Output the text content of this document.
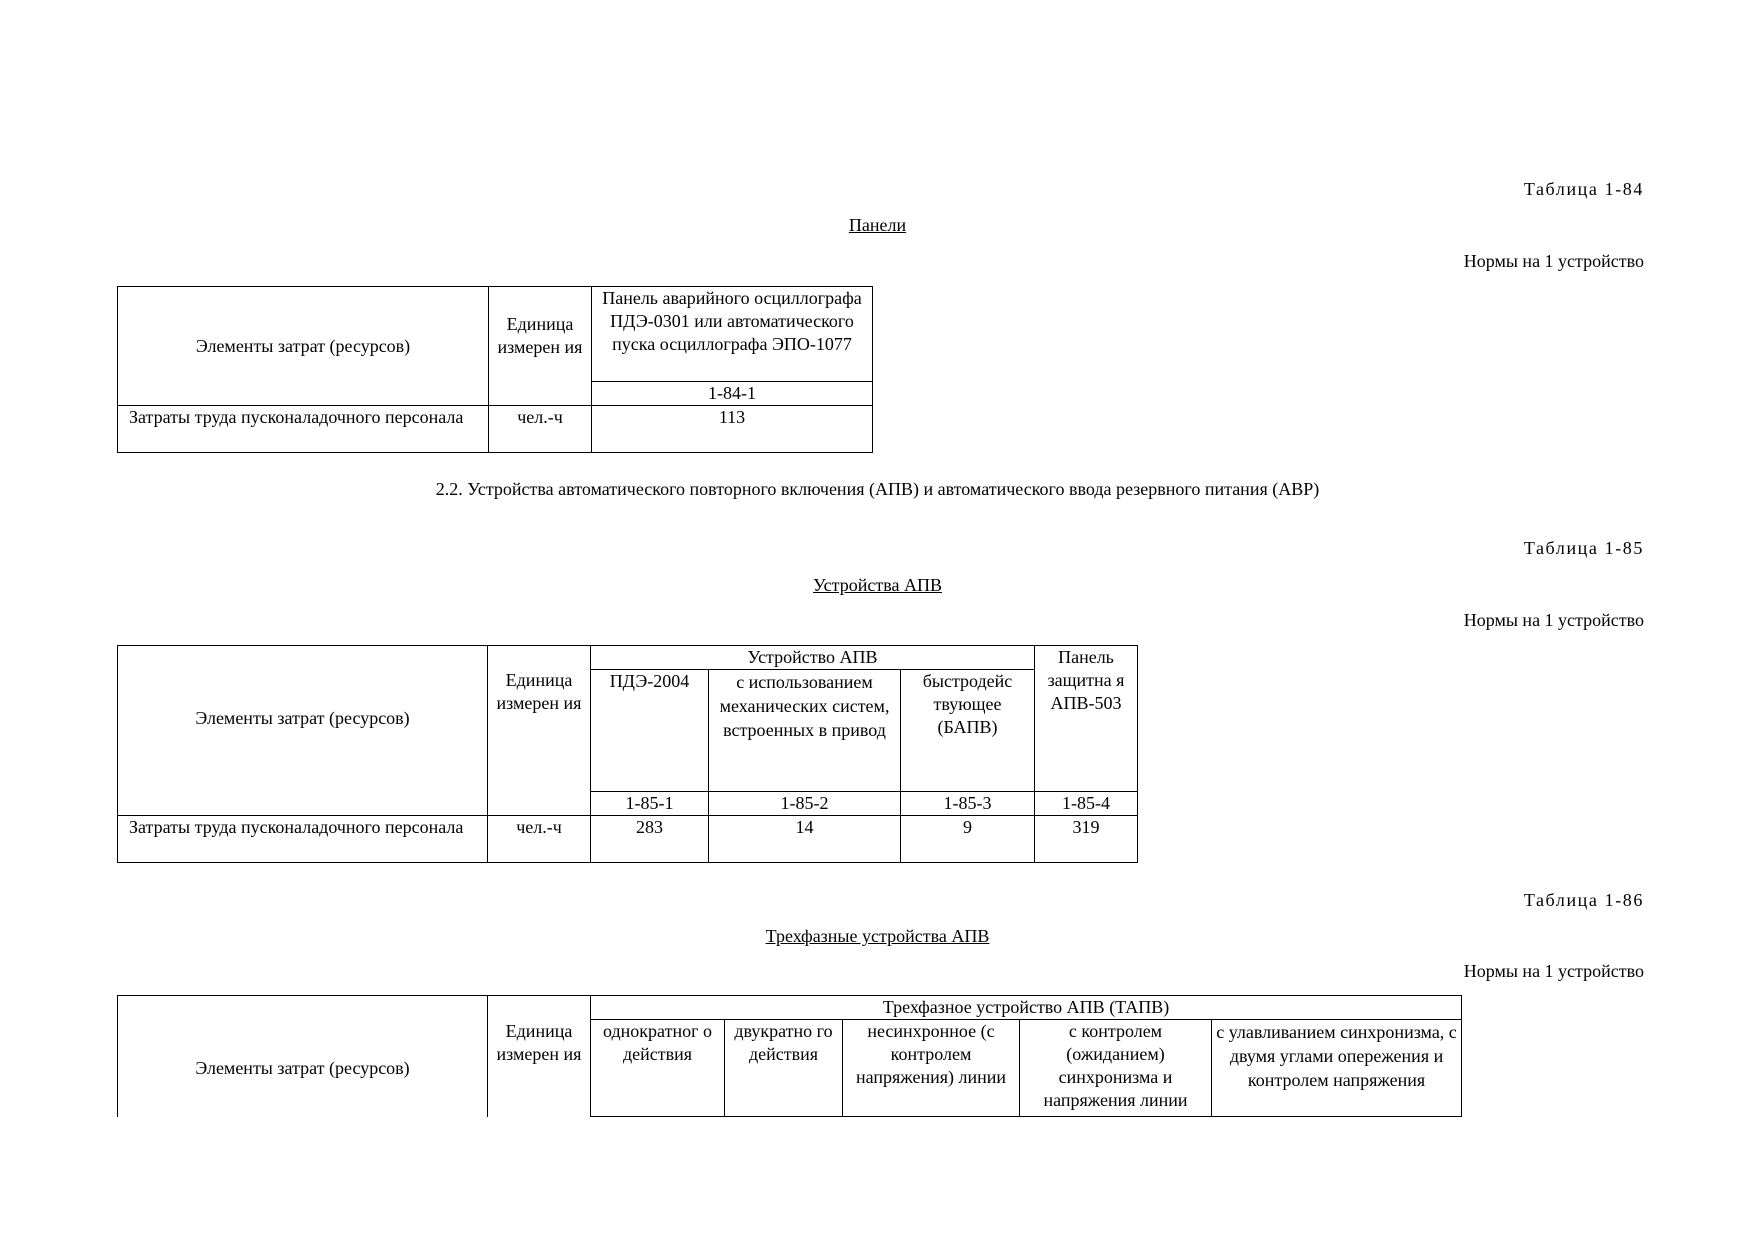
Таблица 1-84
Панели
Нормы на 1 устройство
Элементы затрат (ресурсов)	Единица измерен ия	Панель аварийного осциллографа ПДЭ-0301 или автоматического пуска осциллографа ЭПО-1077
		1-84-1
Затраты труда пусконаладочного персонала	чел.-ч	113
2.2. Устройства автоматического повторного включения (АПВ) и автоматического ввода резервного питания (АВР)
Таблица 1-85
Устройства АПВ
Нормы на 1 устройство
Элементы затрат (ресурсов)	Единица измерен ия	Устройство АПВ			Панель защитна я АПВ-503
		ПДЭ-2004	с использованием механических систем, встроенных в привод	быстродейс твующее (БАПВ)	
		1-85-1	1-85-2	1-85-3	1-85-4
Затраты труда пусконаладочного персонала	чел.-ч	283	14	9	319
Таблица 1-86
Трехфазные устройства АПВ
Нормы на 1 устройство
Элементы затрат (ресурсов)	Единица измерен ия	Трехфазное устройство АПВ (ТАПВ)				
		однократног о действия	двукратно го действия	несинхронное (с контролем напряжения) линии	с контролем (ожиданием) синхронизма и напряжения линии	с улавливанием синхронизма, с двумя углами опережения и контролем напряжения
